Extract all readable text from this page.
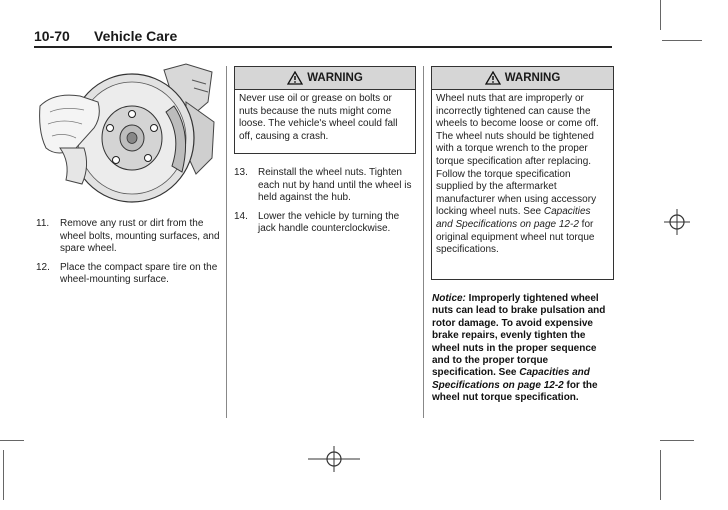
10-70 Vehicle Care
11. Remove any rust or dirt from the wheel bolts, mounting surfaces, and spare wheel.
12. Place the compact spare tire on the wheel-mounting surface.
WARNING
Never use oil or grease on bolts or nuts because the nuts might come loose. The vehicle's wheel could fall off, causing a crash.
13. Reinstall the wheel nuts. Tighten each nut by hand until the wheel is held against the hub.
14. Lower the vehicle by turning the jack handle counterclockwise.
WARNING
Wheel nuts that are improperly or incorrectly tightened can cause the wheels to become loose or come off. The wheel nuts should be tightened with a torque wrench to the proper torque specification after replacing. Follow the torque specification supplied by the aftermarket manufacturer when using accessory locking wheel nuts. See Capacities and Specifications on page 12-2 for original equipment wheel nut torque specifications.
Notice: Improperly tightened wheel nuts can lead to brake pulsation and rotor damage. To avoid expensive brake repairs, evenly tighten the wheel nuts in the proper sequence and to the proper torque specification. See Capacities and Specifications on page 12-2 for the wheel nut torque specification.
